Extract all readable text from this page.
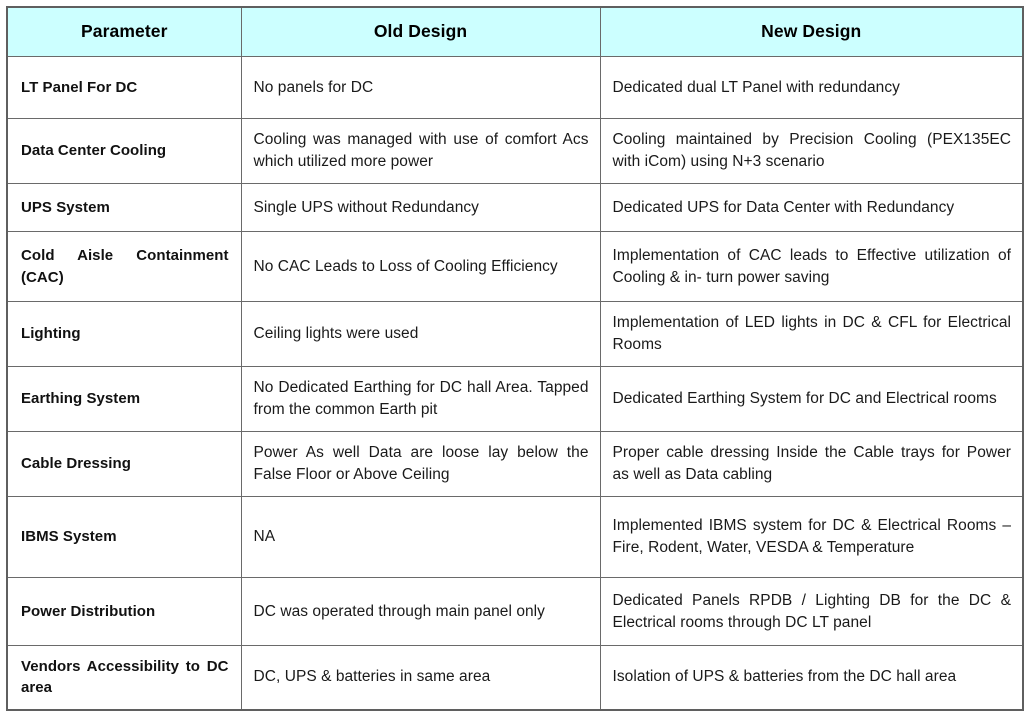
Parameter	Old Design	New Design
LT Panel For DC	No panels for DC	Dedicated dual LT Panel with redundancy
Data Center Cooling	Cooling was managed with use of comfort Acs which utilized more power	Cooling maintained by Precision Cooling (PEX135EC with iCom) using N+3 scenario
UPS System	Single UPS without Redundancy	Dedicated UPS for Data Center with Redundancy
Cold Aisle Containment (CAC)	No CAC Leads to Loss of Cooling Efficiency	Implementation of CAC leads to Effective utilization of Cooling & in- turn power saving
Lighting	Ceiling lights were used	Implementation of LED lights in DC & CFL for Electrical Rooms
Earthing System	No Dedicated Earthing for DC hall Area. Tapped from the common Earth pit	Dedicated Earthing System for DC and Electrical rooms
Cable Dressing	Power As well Data are loose lay below the False Floor or Above Ceiling	Proper cable dressing Inside the Cable trays for Power as well as Data cabling
IBMS System	NA	Implemented IBMS system for DC & Electrical Rooms – Fire, Rodent, Water, VESDA & Temperature
Power Distribution	DC was operated through main panel only	Dedicated Panels RPDB / Lighting DB for the DC & Electrical rooms through DC LT panel
Vendors Accessibility to DC area	DC, UPS & batteries in same area	Isolation of UPS & batteries from the DC hall area
